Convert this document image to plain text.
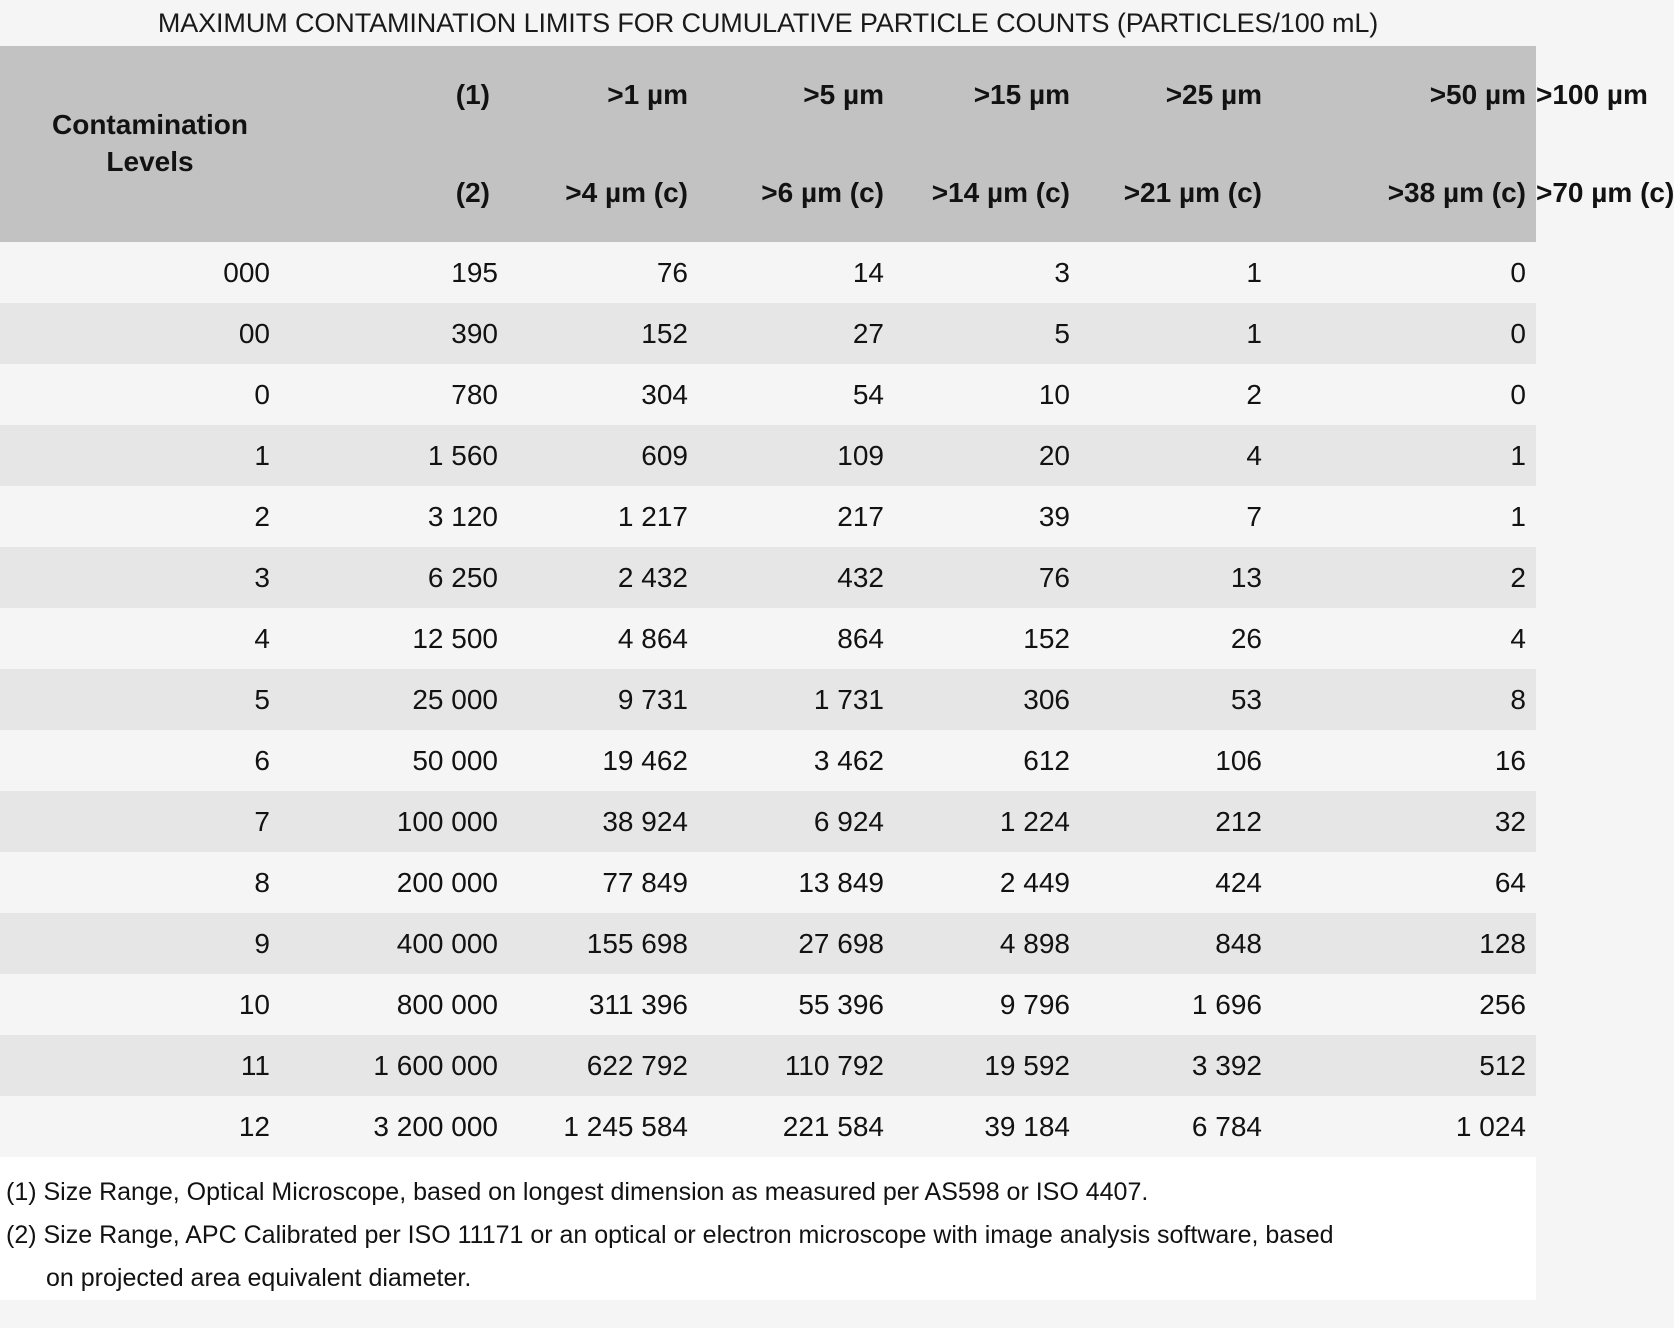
MAXIMUM CONTAMINATION LIMITS FOR CUMULATIVE PARTICLE COUNTS (PARTICLES/100 mL)
Contamination
Levels	(1)	>1 µm	>5 µm	>15 µm	>25 µm	>50 µm	>100 µm
	(2)	>4 µm (c)	>6 µm (c)	>14 µm (c)	>21 µm (c)	>38 µm (c)	>70 µm (c)
000	195	76	14	3	1	0	
00	390	152	27	5	1	0	
0	780	304	54	10	2	0	
1	1 560	609	109	20	4	1	
2	3 120	1 217	217	39	7	1	
3	6 250	2 432	432	76	13	2	
4	12 500	4 864	864	152	26	4	
5	25 000	9 731	1 731	306	53	8	
6	50 000	19 462	3 462	612	106	16	
7	100 000	38 924	6 924	1 224	212	32	
8	200 000	77 849	13 849	2 449	424	64	
9	400 000	155 698	27 698	4 898	848	128	
10	800 000	311 396	55 396	9 796	1 696	256	
11	1 600 000	622 792	110 792	19 592	3 392	512	
12	3 200 000	1 245 584	221 584	39 184	6 784	1 024	
(1) Size Range, Optical Microscope, based on longest dimension as measured per AS598 or ISO 4407.
(2) Size Range, APC Calibrated per ISO 11171 or an optical or electron microscope with image analysis software, based
on projected area equivalent diameter.
